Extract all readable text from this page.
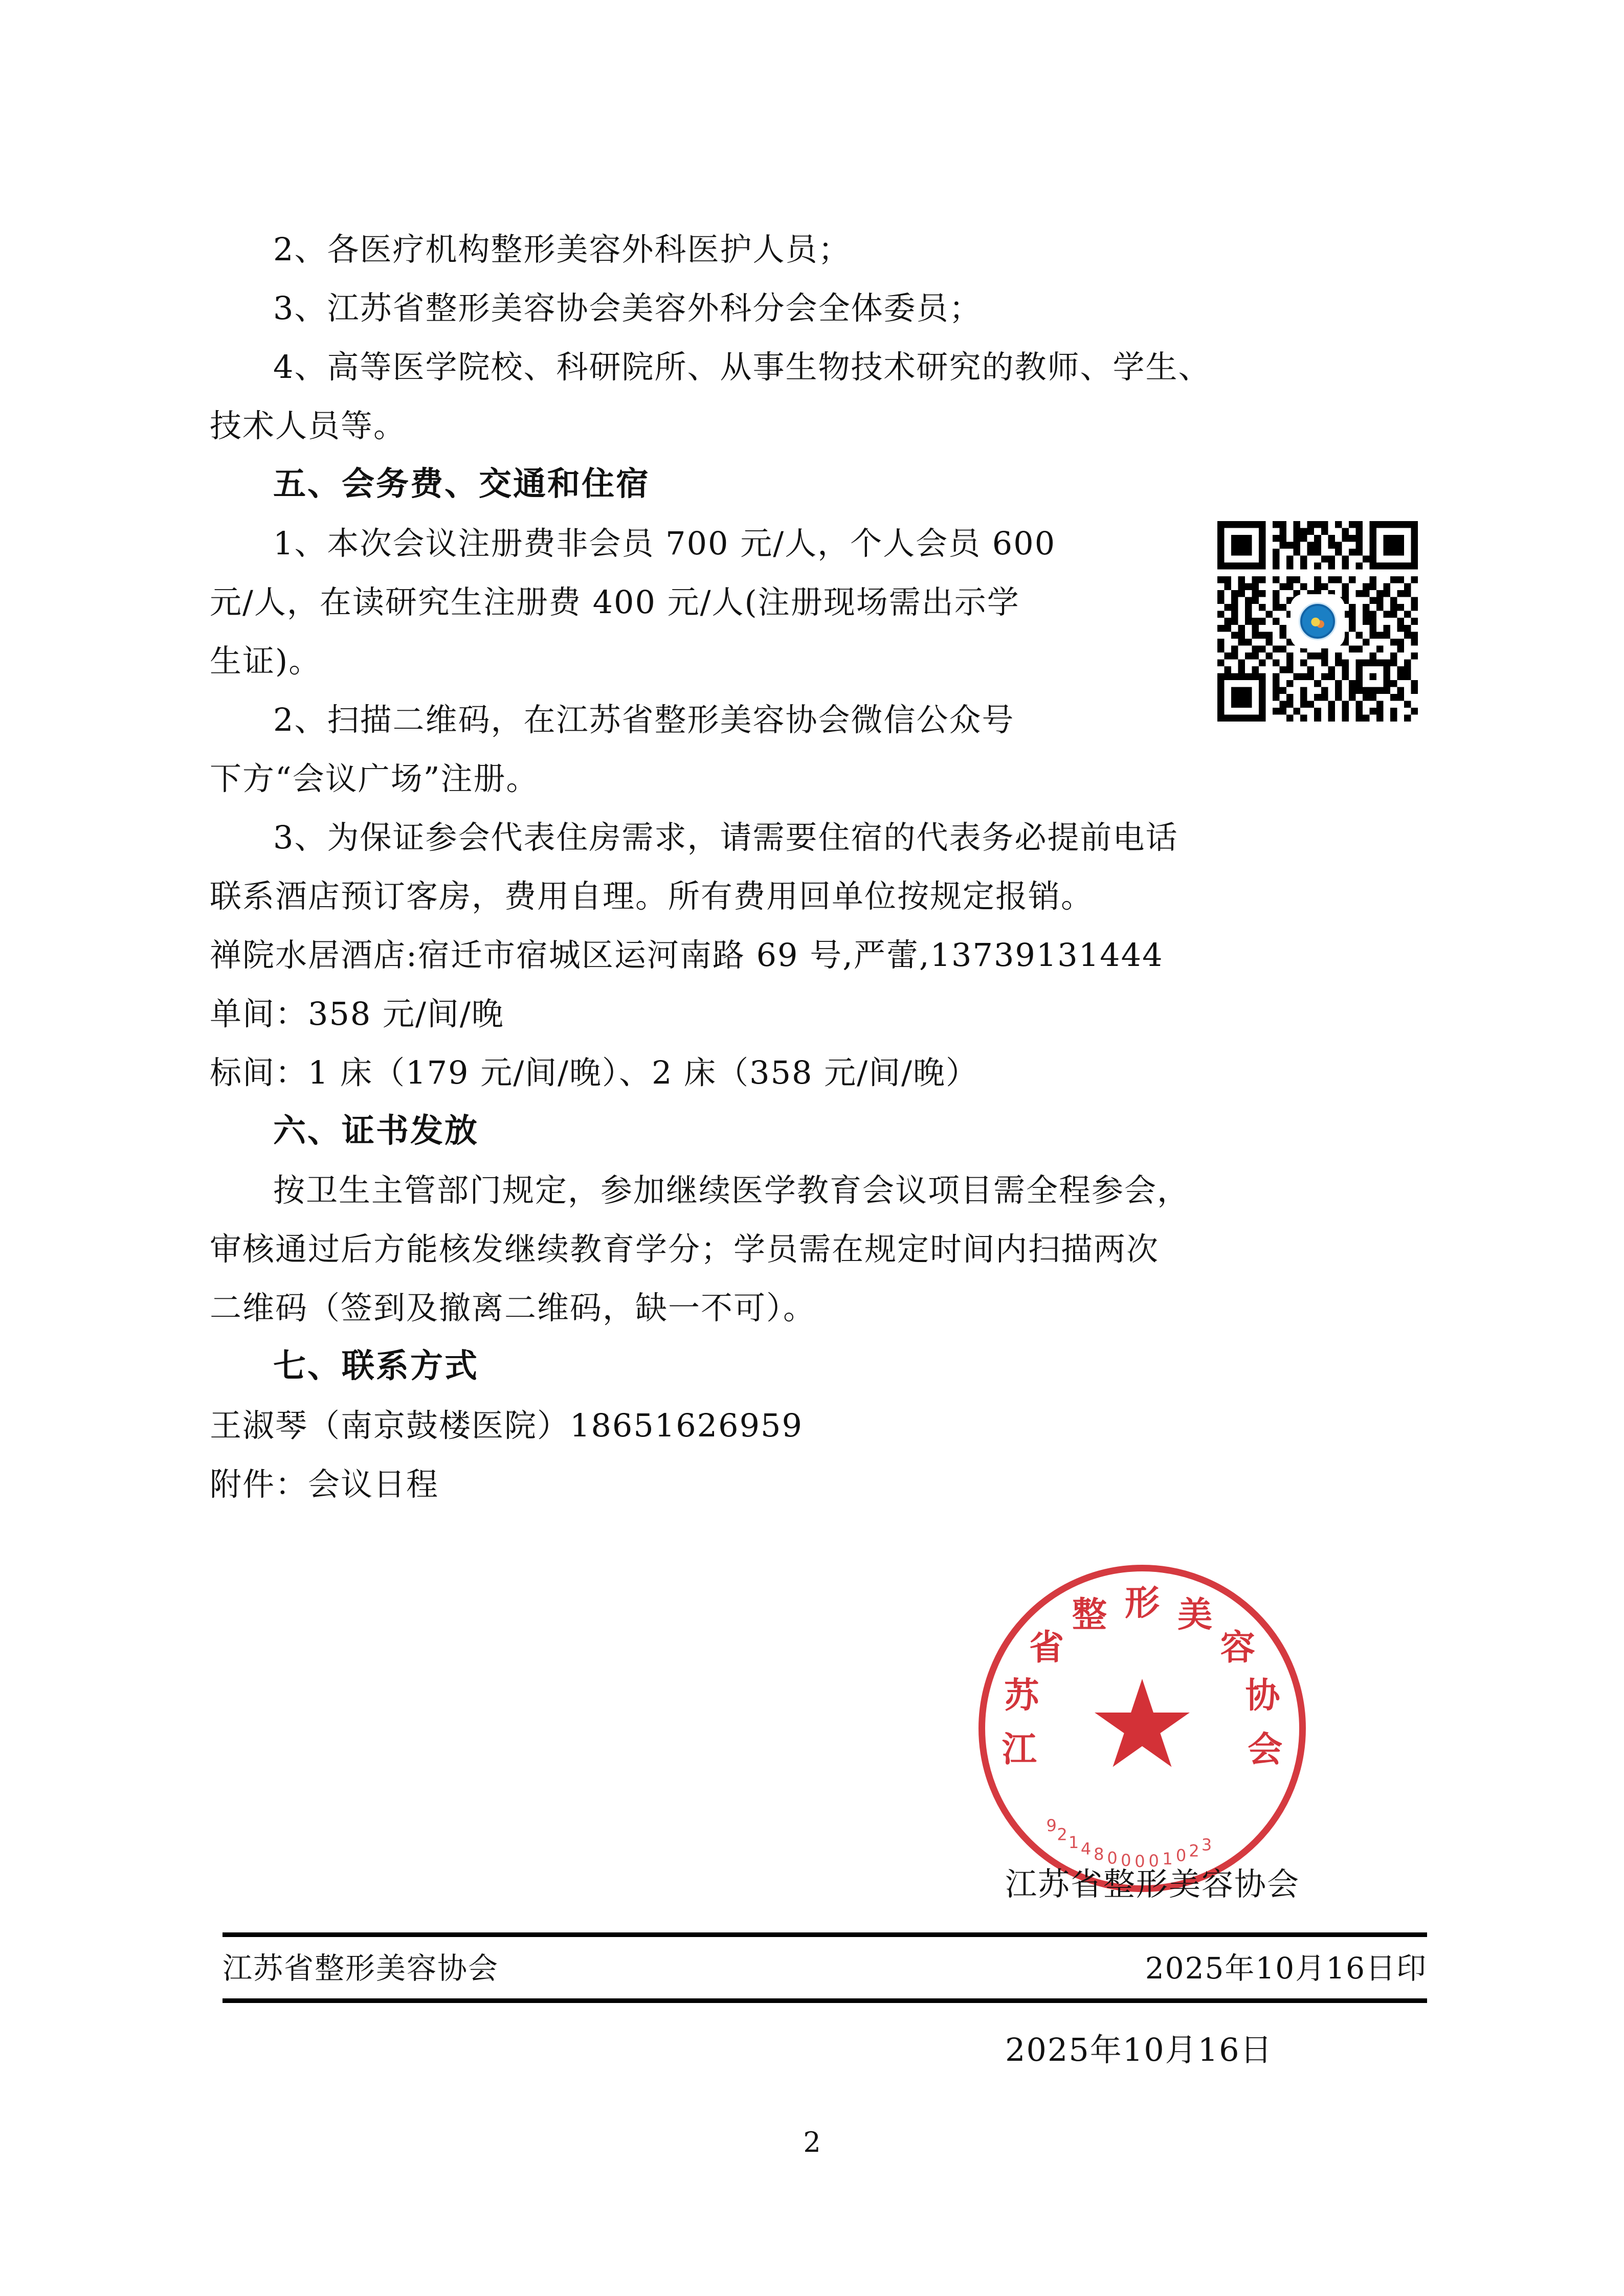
2、各医疗机构整形美容外科医护人员；
3、江苏省整形美容协会美容外科分会全体委员；
4、高等医学院校、科研院所、从事生物技术研究的教师、学生、
技术人员等。
五、会务费、交通和住宿
1、本次会议注册费非会员 700 元/人，个人会员 600
元/人，在读研究生注册费 400 元/人(注册现场需出示学
生证)。
2、扫描二维码，在江苏省整形美容协会微信公众号
下方“会议广场”注册。
3、为保证参会代表住房需求，请需要住宿的代表务必提前电话
联系酒店预订客房，费用自理。所有费用回单位按规定报销。
禅院水居酒店:宿迁市宿城区运河南路 69 号,严蕾,13739131444
单间：358 元/间/晚
标间：1 床（179 元/间/晚）、2 床（358 元/间/晚）
六、证书发放
按卫生主管部门规定，参加继续医学教育会议项目需全程参会，
审核通过后方能核发继续教育学分；学员需在规定时间内扫描两次
二维码（签到及撤离二维码，缺一不可）。
七、联系方式
王淑琴（南京鼓楼医院）18651626959
附件：会议日程
江
苏
省
整 形 美
容
协
会
3
2
0
1
0
0
0
0
8
4
1
2
9

江苏省整形美容协会

2025年10月16日

江苏省整形美容协会	2025年10月16日印
2
